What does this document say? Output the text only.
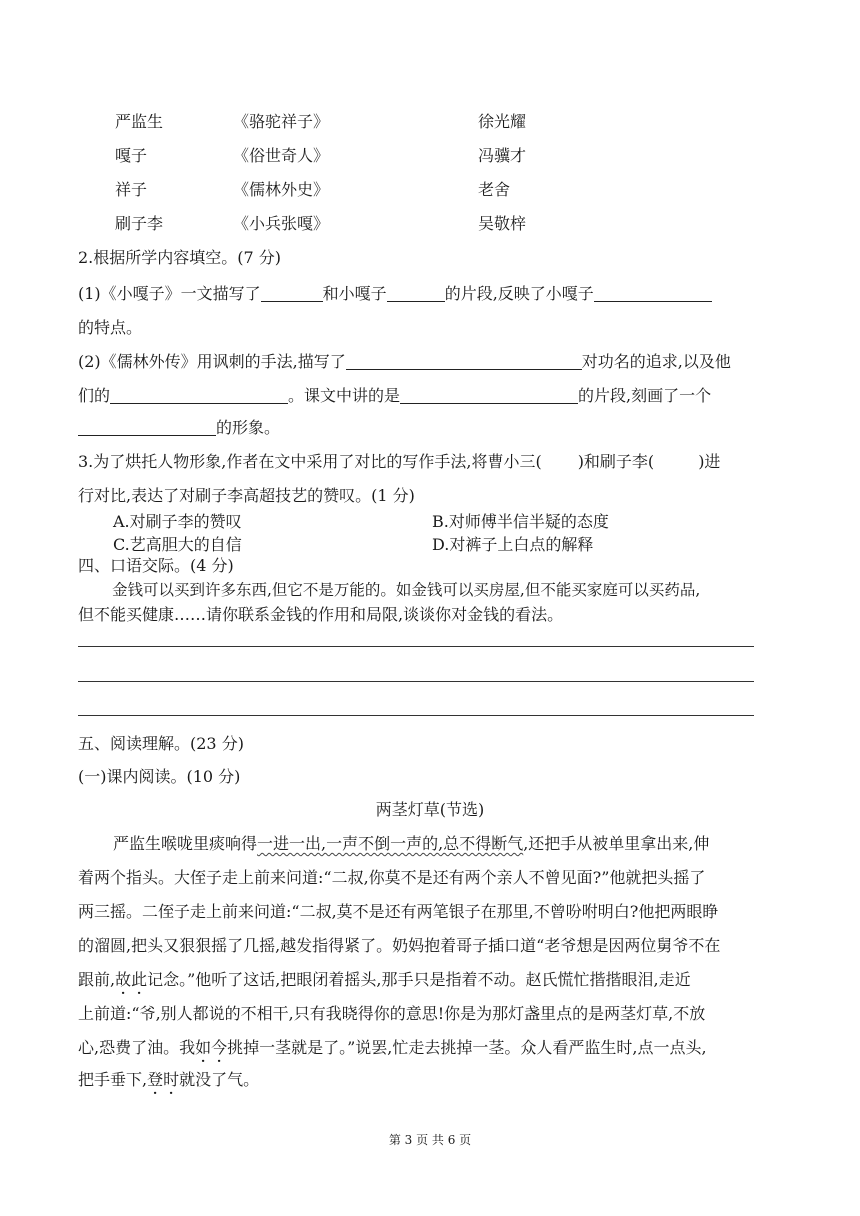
严监生	《骆驼祥子》	徐光耀
嘎子	《俗世奇人》	冯骥才
祥子	《儒林外史》	老舍
刷子李	《小兵张嘎》	吴敬梓
2.根据所学内容填空。(7 分)
(1)《小嘎子》一文描写了	和小嘎子	的片段,反映了小嘎子
的特点。
(2)《儒林外传》用讽刺的手法,描写了	对功名的追求,以及他
们的	。课文中讲的是	的片段,刻画了一个
的形象。
3.为了烘托人物形象,作者在文中采用了对比的写作手法,将曹小三( )和刷子李(	)进
行对比,表达了对刷子李高超技艺的赞叹。(1 分)
A.对刷子李的赞叹	B.对师傅半信半疑的态度
C.艺高胆大的自信	D.对裤子上白点的解释
四、口语交际。(4 分)
金钱可以买到许多东西,但它不是万能的。如金钱可以买房屋,但不能买家庭可以买药品,
但不能买健康……请你联系金钱的作用和局限,谈谈你对金钱的看法。
五、阅读理解。(23 分)
(一)课内阅读。(10 分)
两茎灯草(节选)
严监生喉咙里痰响得一进一出,一声不倒一声的,总不得断气,还把手从被单里拿出来,伸
着两个指头。大侄子走上前来问道:“二叔,你莫不是还有两个亲人不曾见面?”他就把头摇了
两三摇。二侄子走上前来问道:“二叔,莫不是还有两笔银子在那里,不曾吩咐明白?他把两眼睁
的溜圆,把头又狠狠摇了几摇,越发指得紧了。奶妈抱着哥子插口道“老爷想是因两位舅爷不在
跟前,故此记念。”他听了这话,把眼闭着摇头,那手只是指着不动。赵氏慌忙揩揩眼泪,走近
上前道:“爷,别人都说的不相干,只有我晓得你的意思!你是为那灯盏里点的是两茎灯草,不放
心,恐费了油。我如今挑掉一茎就是了。”说罢,忙走去挑掉一茎。众人看严监生时,点一点头,
把手垂下,登时就没了气。
第 3 页 共 6 页
